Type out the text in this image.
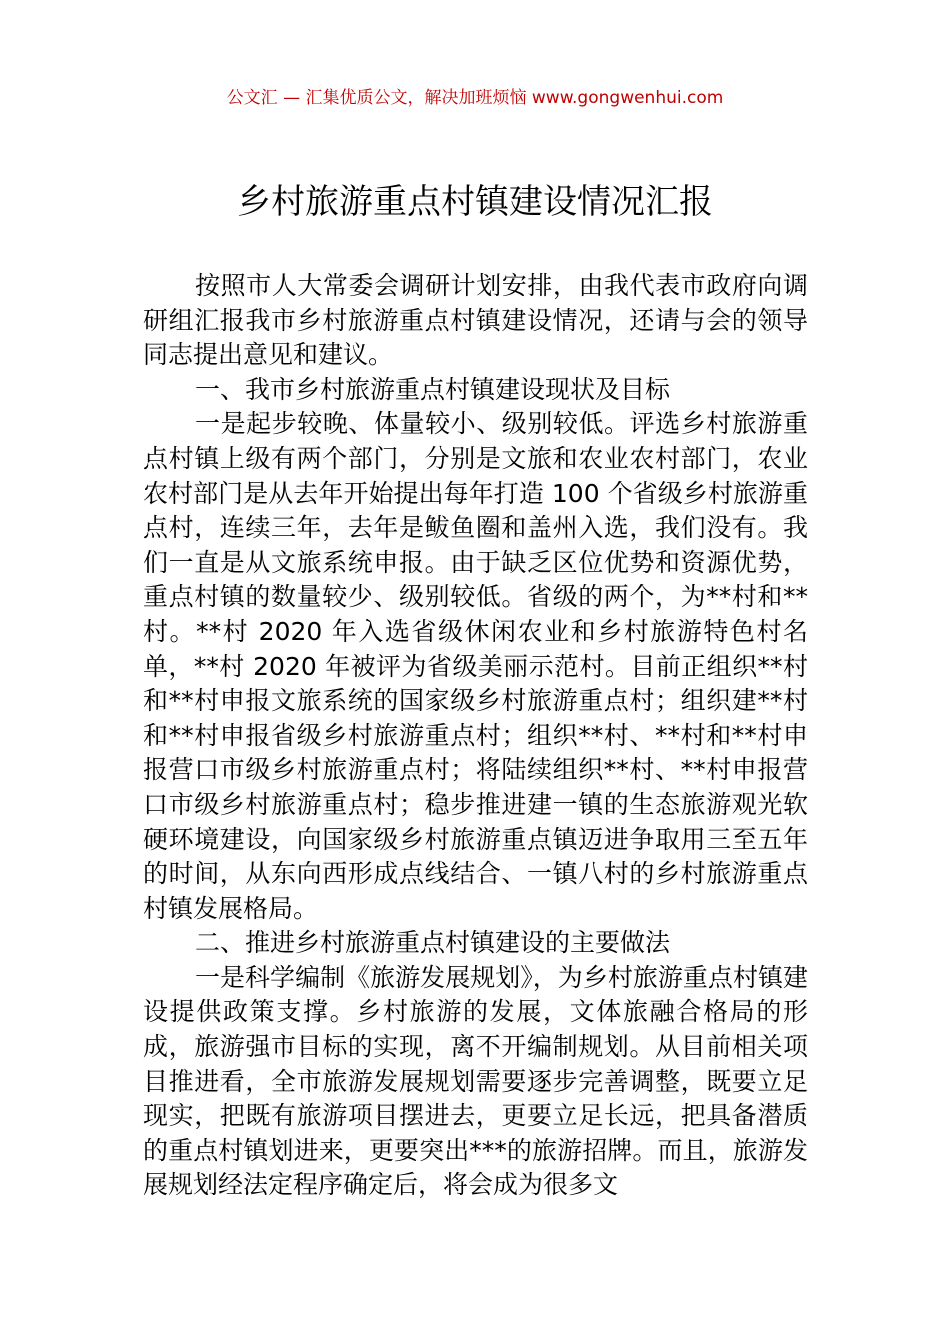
公文汇 — 汇集优质公文，解决加班烦恼 www.gongwenhui.com
乡村旅游重点村镇建设情况汇报

按照市人大常委会调研计划安排，由我代表市政府向调研组汇报我市乡村旅游重点村镇建设情况，还请与会的领导同志提出意见和建议。

一、我市乡村旅游重点村镇建设现状及目标

一是起步较晚、体量较小、级别较低。评选乡村旅游重点村镇上级有两个部门，分别是文旅和农业农村部门，农业农村部门是从去年开始提出每年打造 100 个省级乡村旅游重点村，连续三年，去年是鲅鱼圈和盖州入选，我们没有。我们一直是从文旅系统申报。由于缺乏区位优势和资源优势，重点村镇的数量较少、级别较低。省级的两个，为**村和**村。**村 2020 年入选省级休闲农业和乡村旅游特色村名单，**村 2020 年被评为省级美丽示范村。目前正组织**村和**村申报文旅系统的国家级乡村旅游重点村；组织建**村和**村申报省级乡村旅游重点村；组织**村、**村和**村申报营口市级乡村旅游重点村；将陆续组织**村、**村申报营口市级乡村旅游重点村；稳步推进建一镇的生态旅游观光软硬环境建设，向国家级乡村旅游重点镇迈进争取用三至五年的时间，从东向西形成点线结合、一镇八村的乡村旅游重点村镇发展格局。

二、推进乡村旅游重点村镇建设的主要做法

一是科学编制《旅游发展规划》，为乡村旅游重点村镇建设提供政策支撑。乡村旅游的发展，文体旅融合格局的形成，旅游强市目标的实现，离不开编制规划。从目前相关项目推进看，全市旅游发展规划需要逐步完善调整，既要立足现实，把既有旅游项目摆进去，更要立足长远，把具备潜质的重点村镇划进来，更要突出***的旅游招牌。而且，旅游发展规划经法定程序确定后，将会成为很多文
